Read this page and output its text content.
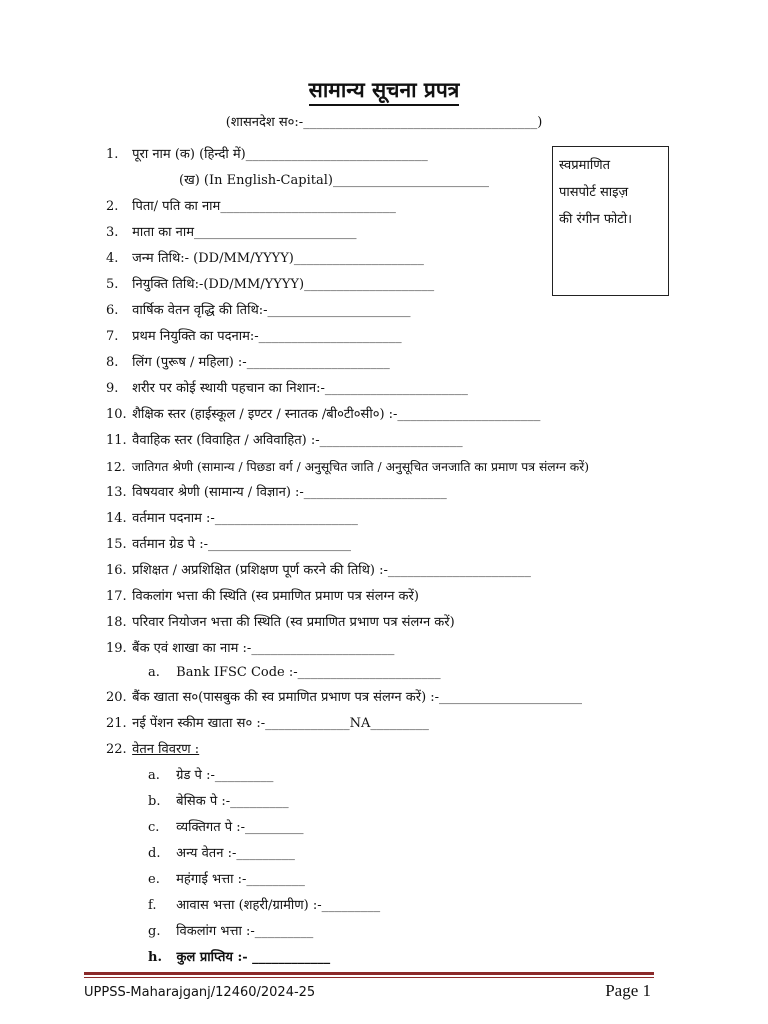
सामान्य सूचना प्रपत्र
(शासनदेश स०:-____________________________________)
स्वप्रमाणित
पासपोर्ट साइज़
की रंगीन फोटो।
1. पूरा नाम (क) (हिन्दी में)____________________________
(ख) (In English-Capital)________________________
2. पिता/ पति का नाम___________________________
3. माता का नाम_________________________
4. जन्म तिथि:- (DD/MM/YYYY)____________________
5. नियुक्ति तिथि:-(DD/MM/YYYY)____________________
6. वार्षिक वेतन वृद्धि की तिथि:-______________________
7. प्रथम नियुक्ति का पदनाम:-______________________
8. लिंग (पुरूष / महिला) :-______________________
9. शरीर पर कोई स्थायी पहचान का निशान:-______________________
10. शैक्षिक स्तर (हाईस्कूल / इण्टर / स्नातक /बी०टी०सी०) :-______________________
11. वैवाहिक स्तर (विवाहित / अविवाहित) :-______________________
12. जातिगत श्रेणी (सामान्य / पिछडा वर्ग / अनुसूचित जाति / अनुसूचित जनजाति का प्रमाण पत्र संलग्न करें)
13. विषयवार श्रेणी (सामान्य / विज्ञान) :-______________________
14. वर्तमान पदनाम :-______________________
15. वर्तमान ग्रेड पे :-______________________
16. प्रशिक्षत / अप्रशिक्षित (प्रशिक्षण पूर्ण करने की तिथि) :-______________________
17. विकलांग भत्ता की स्थिति (स्व प्रमाणित प्रमाण पत्र संलग्न करें)
18. परिवार नियोजन भत्ता की स्थिति (स्व प्रमाणित प्रभाण पत्र संलग्न करें)
19. बैंक एवं शाखा का नाम :-______________________
a. Bank IFSC Code :-______________________
20. बैंक खाता स०(पासबुक की स्व प्रमाणित प्रभाण पत्र संलग्न करें) :-______________________
21. नई पेंशन स्कीम खाता स० :-_____________NA_________
22. वेतन विवरण :
a. ग्रेड पे :-_________
b. बेसिक पे :-_________
c. व्यक्तिगत पे :-_________
d. अन्य वेतन :-_________
e. महंगाई भत्ता :-_________
f. आवास भत्ता (शहरी/ग्रामीण) :-_________
g. विकलांग भत्ता :-_________
h. कुल प्राप्तिय :- ____________
UPPSS-Maharajganj/12460/2024-25	Page 1
